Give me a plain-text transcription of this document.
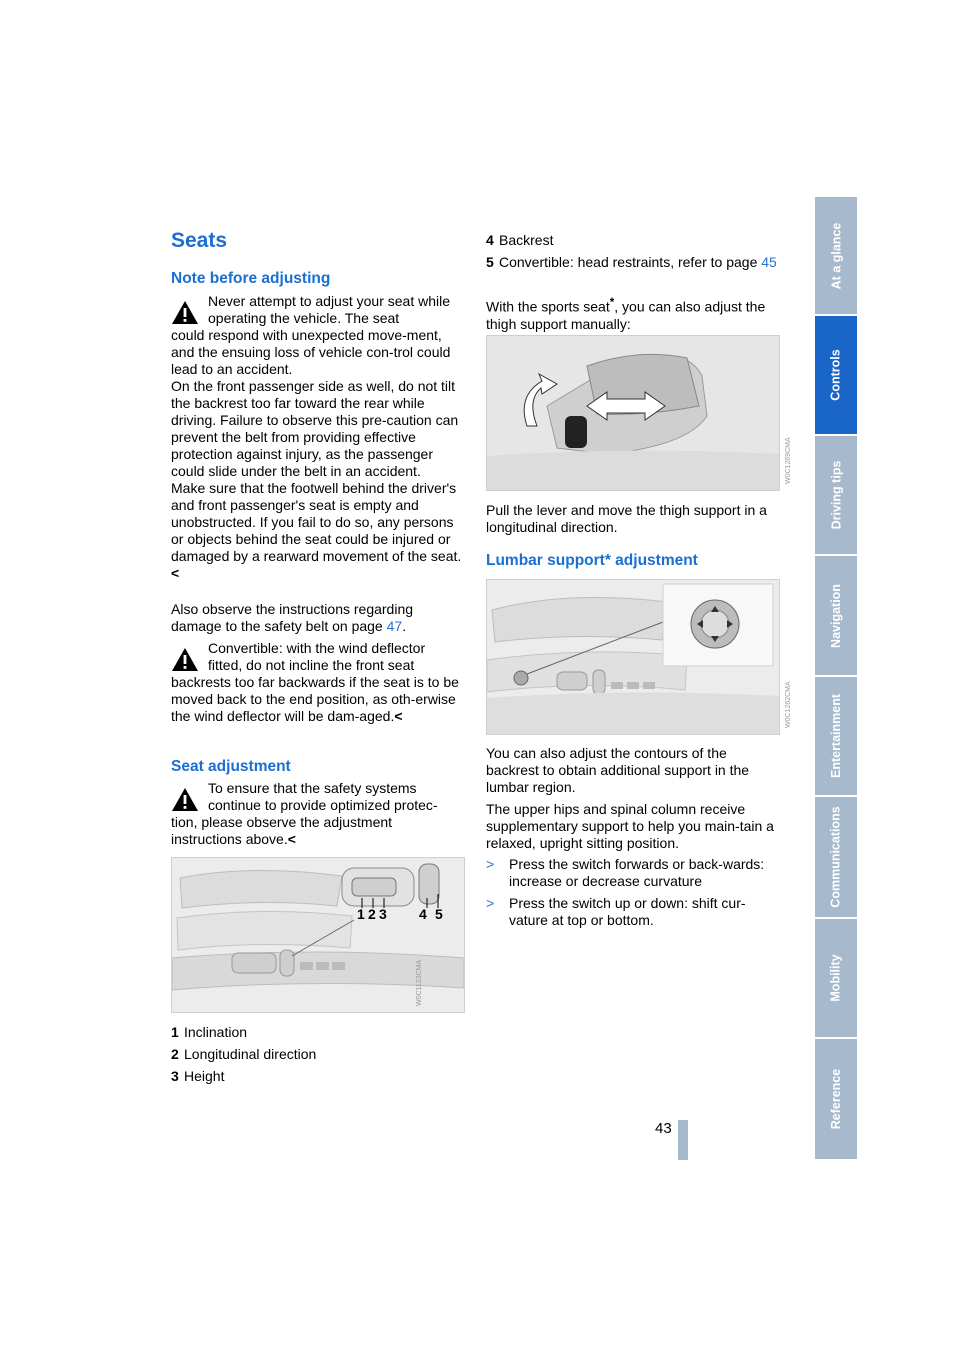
Seats
Note before adjusting
Never attempt to adjust your seat while operating the vehicle. The seat
could respond with unexpected move-ment, and the ensuing loss of vehicle con-trol could lead to an accident.
On the front passenger side as well, do not tilt the backrest too far toward the rear while driving. Failure to observe this pre-caution can prevent the belt from providing effective protection against injury, as the passenger could slide under the belt in an accident.
Make sure that the footwell behind the driver's and front passenger's seat is empty and unobstructed. If you fail to do so, any persons or objects behind the seat could be injured or damaged by a rearward movement of the seat.<
Also observe the instructions regarding damage to the safety belt on page 47.
Convertible: with the wind deflector fitted, do not incline the front seat
backrests too far backwards if the seat is to be moved back to the end position, as oth-erwise the wind deflector will be dam-aged.<
Seat adjustment
To ensure that the safety systems continue to provide optimized protec-
tion, please observe the adjustment instructions above.<
1 2 3 4 5
W0C1123CMA
1 Inclination
2 Longitudinal direction
3 Height
4 Backrest
5 Convertible: head restraints, refer to page 45
With the sports seat*, you can also adjust the thigh support manually:
W0C1269CMA
Pull the lever and move the thigh support in a longitudinal direction.
Lumbar support* adjustment
W0C1262CMA
You can also adjust the contours of the backrest to obtain additional support in the lumbar region.
The upper hips and spinal column receive supplementary support to help you main-tain a relaxed, upright sitting position.
> Press the switch forwards or back-wards: increase or decrease curvature
> Press the switch up or down: shift cur-vature at top or bottom.
43
At a glance
Controls
Driving tips
Navigation
Entertainment
Communications
Mobility
Reference
